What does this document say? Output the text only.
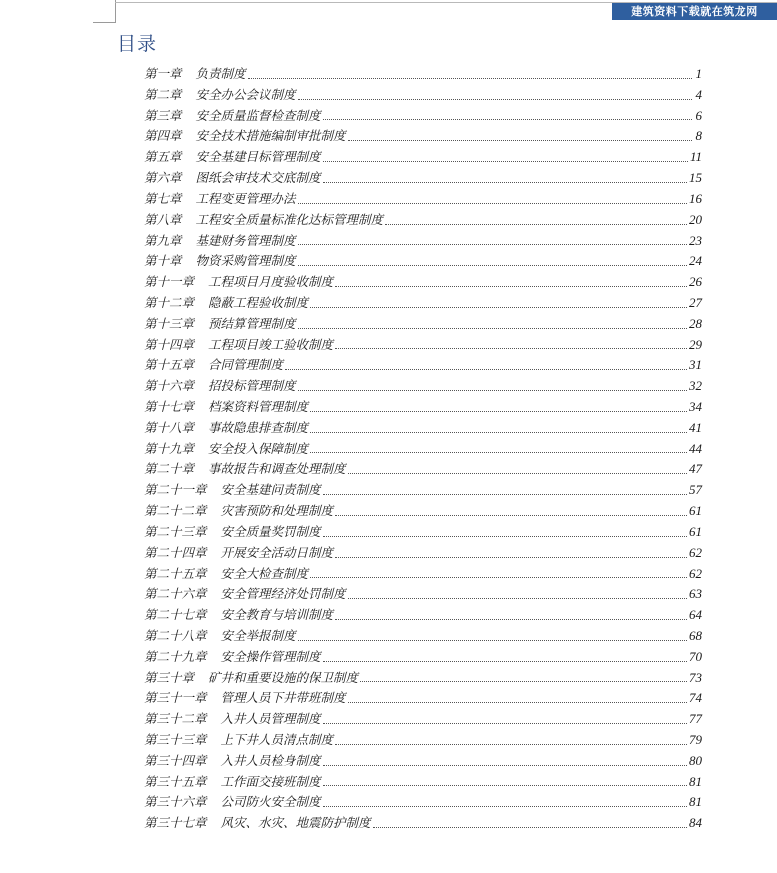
建筑资料下载就在筑龙网
目录
第一章 负责制度	1
第二章 安全办公会议制度	4
第三章 安全质量监督检查制度	6
第四章 安全技术措施编制审批制度	8
第五章 安全基建目标管理制度	11
第六章 图纸会审技术交底制度	15
第七章 工程变更管理办法	16
第八章 工程安全质量标准化达标管理制度	20
第九章 基建财务管理制度	23
第十章 物资采购管理制度	24
第十一章 工程项目月度验收制度	26
第十二章 隐蔽工程验收制度	27
第十三章 预结算管理制度	28
第十四章 工程项目竣工验收制度	29
第十五章 合同管理制度	31
第十六章 招投标管理制度	32
第十七章 档案资料管理制度	34
第十八章 事故隐患排查制度	41
第十九章 安全投入保障制度	44
第二十章 事故报告和调查处理制度	47
第二十一章 安全基建问责制度	57
第二十二章 灾害预防和处理制度	61
第二十三章 安全质量奖罚制度	61
第二十四章 开展安全活动日制度	62
第二十五章 安全大检查制度	62
第二十六章 安全管理经济处罚制度	63
第二十七章 安全教育与培训制度	64
第二十八章 安全举报制度	68
第二十九章 安全操作管理制度	70
第三十章 矿井和重要设施的保卫制度	73
第三十一章 管理人员下井带班制度	74
第三十二章 入井人员管理制度	77
第三十三章 上下井人员清点制度	79
第三十四章 入井人员检身制度	80
第三十五章 工作面交接班制度	81
第三十六章 公司防火安全制度	81
第三十七章 风灾、水灾、地震防护制度	84
